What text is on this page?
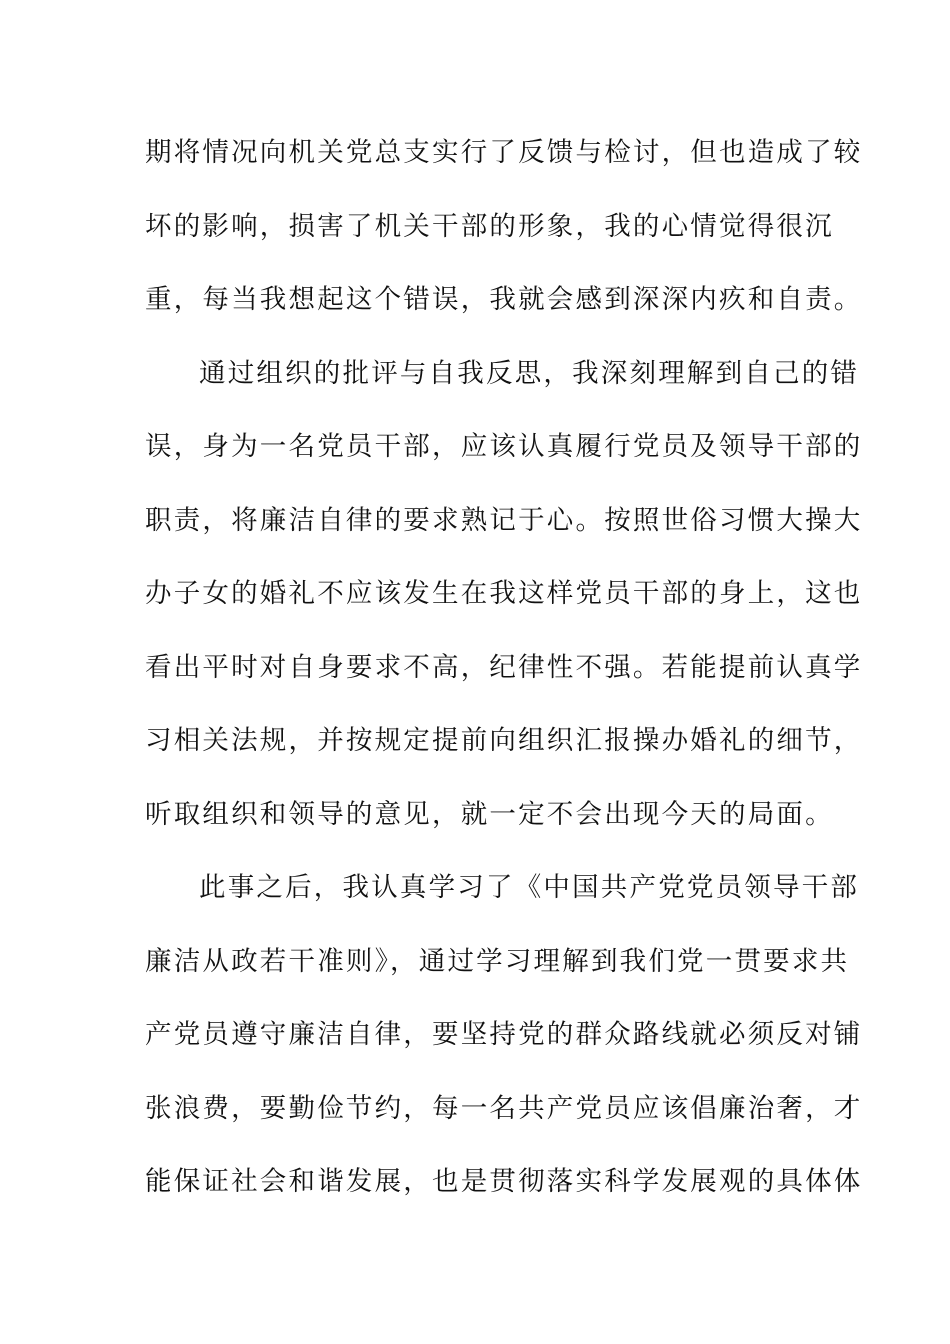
期将情况向机关党总支实行了反馈与检讨，但也造成了较
坏的影响，损害了机关干部的形象，我的心情觉得很沉
重，每当我想起这个错误，我就会感到深深内疚和自责。
通过组织的批评与自我反思，我深刻理解到自己的错
误，身为一名党员干部，应该认真履行党员及领导干部的
职责，将廉洁自律的要求熟记于心。按照世俗习惯大操大
办子女的婚礼不应该发生在我这样党员干部的身上，这也
看出平时对自身要求不高，纪律性不强。若能提前认真学
习相关法规，并按规定提前向组织汇报操办婚礼的细节，
听取组织和领导的意见，就一定不会出现今天的局面。
此事之后，我认真学习了《中国共产党党员领导干部
廉洁从政若干准则》，通过学习理解到我们党一贯要求共
产党员遵守廉洁自律，要坚持党的群众路线就必须反对铺
张浪费，要勤俭节约，每一名共产党员应该倡廉治奢，才
能保证社会和谐发展，也是贯彻落实科学发展观的具体体
